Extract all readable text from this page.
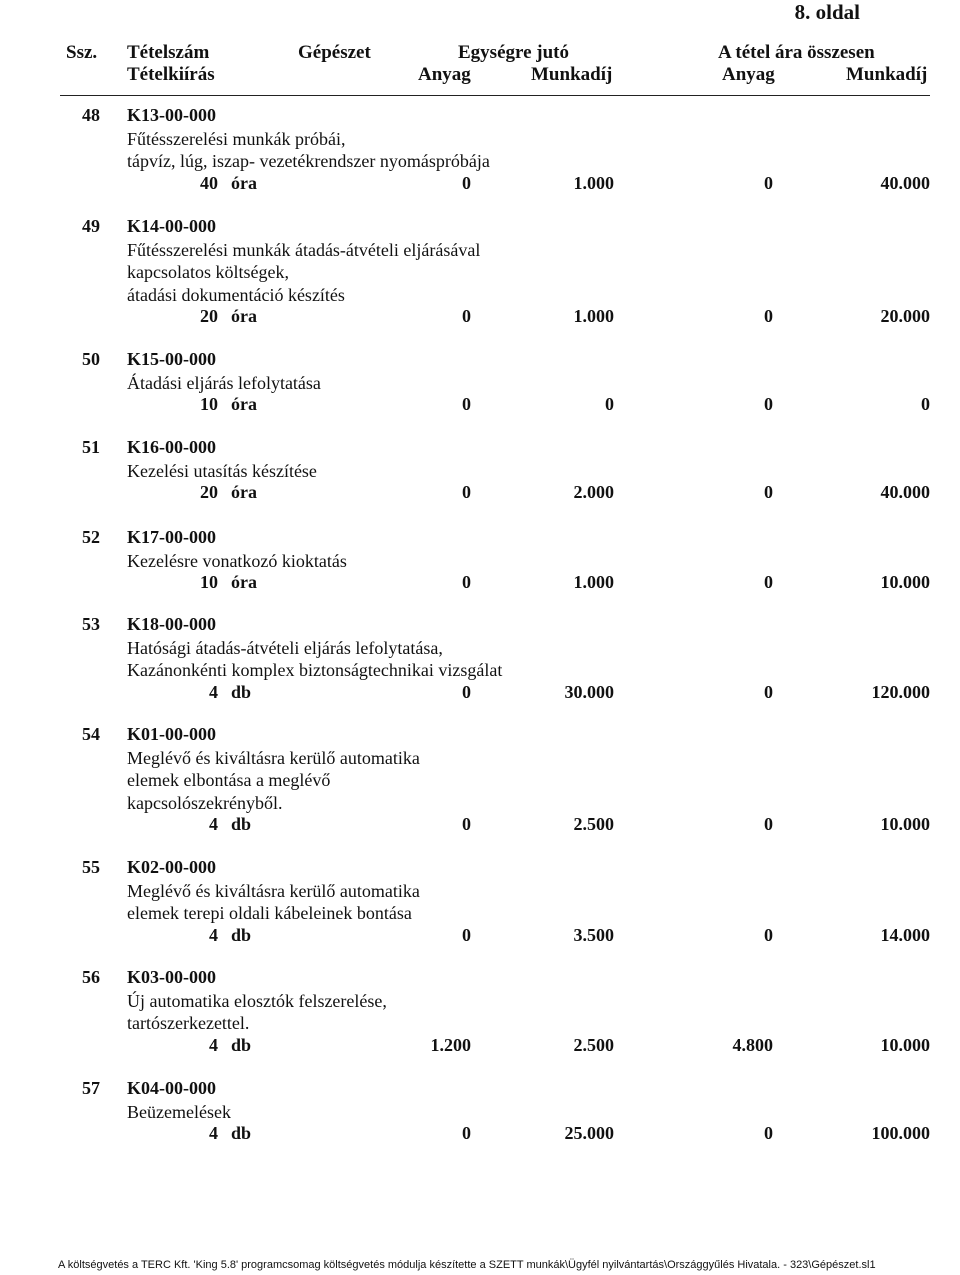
8. oldal
Ssz. Tételszám	Gépészet	Egységre jutó	A tétel ára összesen
Tételkiírás	Anyag	Munkadíj	Anyag	Munkadíj
48 K13-00-000
Fűtésszerelési munkák próbái,
tápvíz, lúg, iszap- vezetékrendszer nyomáspróbája
40 óra	0	1.000	0	40.000
49 K14-00-000
Fűtésszerelési munkák átadás-átvételi eljárásával
kapcsolatos költségek,
átadási dokumentáció készítés
20 óra	0	1.000	0	20.000
50 K15-00-000
Átadási eljárás lefolytatása
10 óra	0	0	0	0
51 K16-00-000
Kezelési utasítás készítése
20 óra	0	2.000	0	40.000
52 K17-00-000
Kezelésre vonatkozó kioktatás
10 óra	0	1.000	0	10.000
53 K18-00-000
Hatósági átadás-átvételi eljárás lefolytatása,
Kazánonkénti komplex biztonságtechnikai vizsgálat
4 db	0	30.000	0	120.000
54 K01-00-000
Meglévő és kiváltásra kerülő automatika
elemek elbontása a meglévő
kapcsolószekrényből.
4 db	0	2.500	0	10.000
55 K02-00-000
Meglévő és kiváltásra kerülő automatika
elemek terepi oldali kábeleinek bontása
4 db	0	3.500	0	14.000
56 K03-00-000
Új automatika elosztók felszerelése,
tartószerkezettel.
4 db	1.200	2.500	4.800	10.000
57 K04-00-000
Beüzemelések
4 db	0	25.000	0	100.000
A költségvetés a TERC Kft. 'King 5.8' programcsomag költségvetés módulja készítette a SZETT munkák\Ügyfél nyilvántartás\Országgyűlés Hivatala. - 323\Gépészet.sl1
